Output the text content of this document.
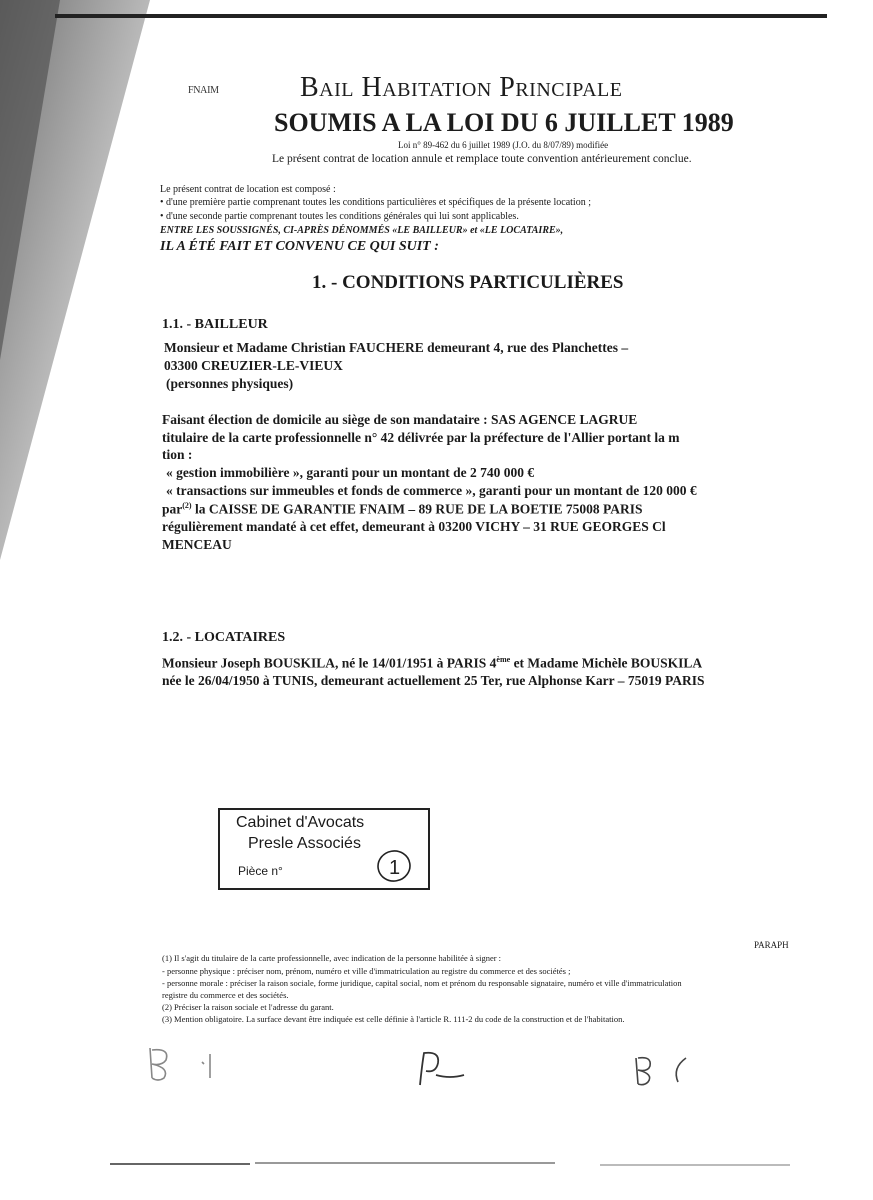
FNAIM	Bail Habitation Principale
SOUMIS A LA LOI DU 6 JUILLET 1989
Loi n° 89-462 du 6 juillet 1989 (J.O. du 8/07/89) modifiée
Le présent contrat de location annule et remplace toute convention antérieurement conclue.
Le présent contrat de location est composé :
• d'une première partie comprenant toutes les conditions particulières et spécifiques de la présente location ;
• d'une seconde partie comprenant toutes les conditions générales qui lui sont applicables.
ENTRE LES SOUSSIGNÉS, CI-APRÈS DÉNOMMÉS «LE BAILLEUR» et «LE LOCATAIRE»,
IL A ÉTÉ FAIT ET CONVENU CE QUI SUIT :
1. - CONDITIONS PARTICULIÈRES
1.1. - BAILLEUR
Monsieur et Madame Christian FAUCHERE demeurant 4, rue des Planchettes –
03300 CREUZIER-LE-VIEUX
(personnes physiques)
Faisant élection de domicile au siège de son mandataire : SAS AGENCE LAGRUE
titulaire de la carte professionnelle n° 42 délivrée par la préfecture de l'Allier portant la m
tion :
« gestion immobilière », garanti pour un montant de 2 740 000 €
« transactions sur immeubles et fonds de commerce », garanti pour un montant de 120 000 €
par$^{(2)}$ la CAISSE DE GARANTIE FNAIM – 89 RUE DE LA BOETIE 75008 PARIS
régulièrement mandaté à cet effet, demeurant à 03200 VICHY – 31 RUE GEORGES Cl
MENCEAU
1.2. - LOCATAIRES
Monsieur Joseph BOUSKILA, né le 14/01/1951 à PARIS 4ème et Madame Michèle BOUSKILA
née le 26/04/1950 à TUNIS, demeurant actuellement 25 Ter, rue Alphonse Karr – 75019 PARIS
Cabinet d'Avocats
Presle Associés
Pièce n°	1
PARAPH
(1) Il s'agit du titulaire de la carte professionnelle, avec indication de la personne habilitée à signer :
- personne physique : préciser nom, prénom, numéro et ville d'immatriculation au registre du commerce et des sociétés ;
- personne morale : préciser la raison sociale, forme juridique, capital social, nom et prénom du responsable signataire, numéro et ville d'immatriculation
registre du commerce et des sociétés.
(2) Préciser la raison sociale et l'adresse du garant.
(3) Mention obligatoire. La surface devant être indiquée est celle définie à l'article R. 111-2 du code de la construction et de l'habitation.
